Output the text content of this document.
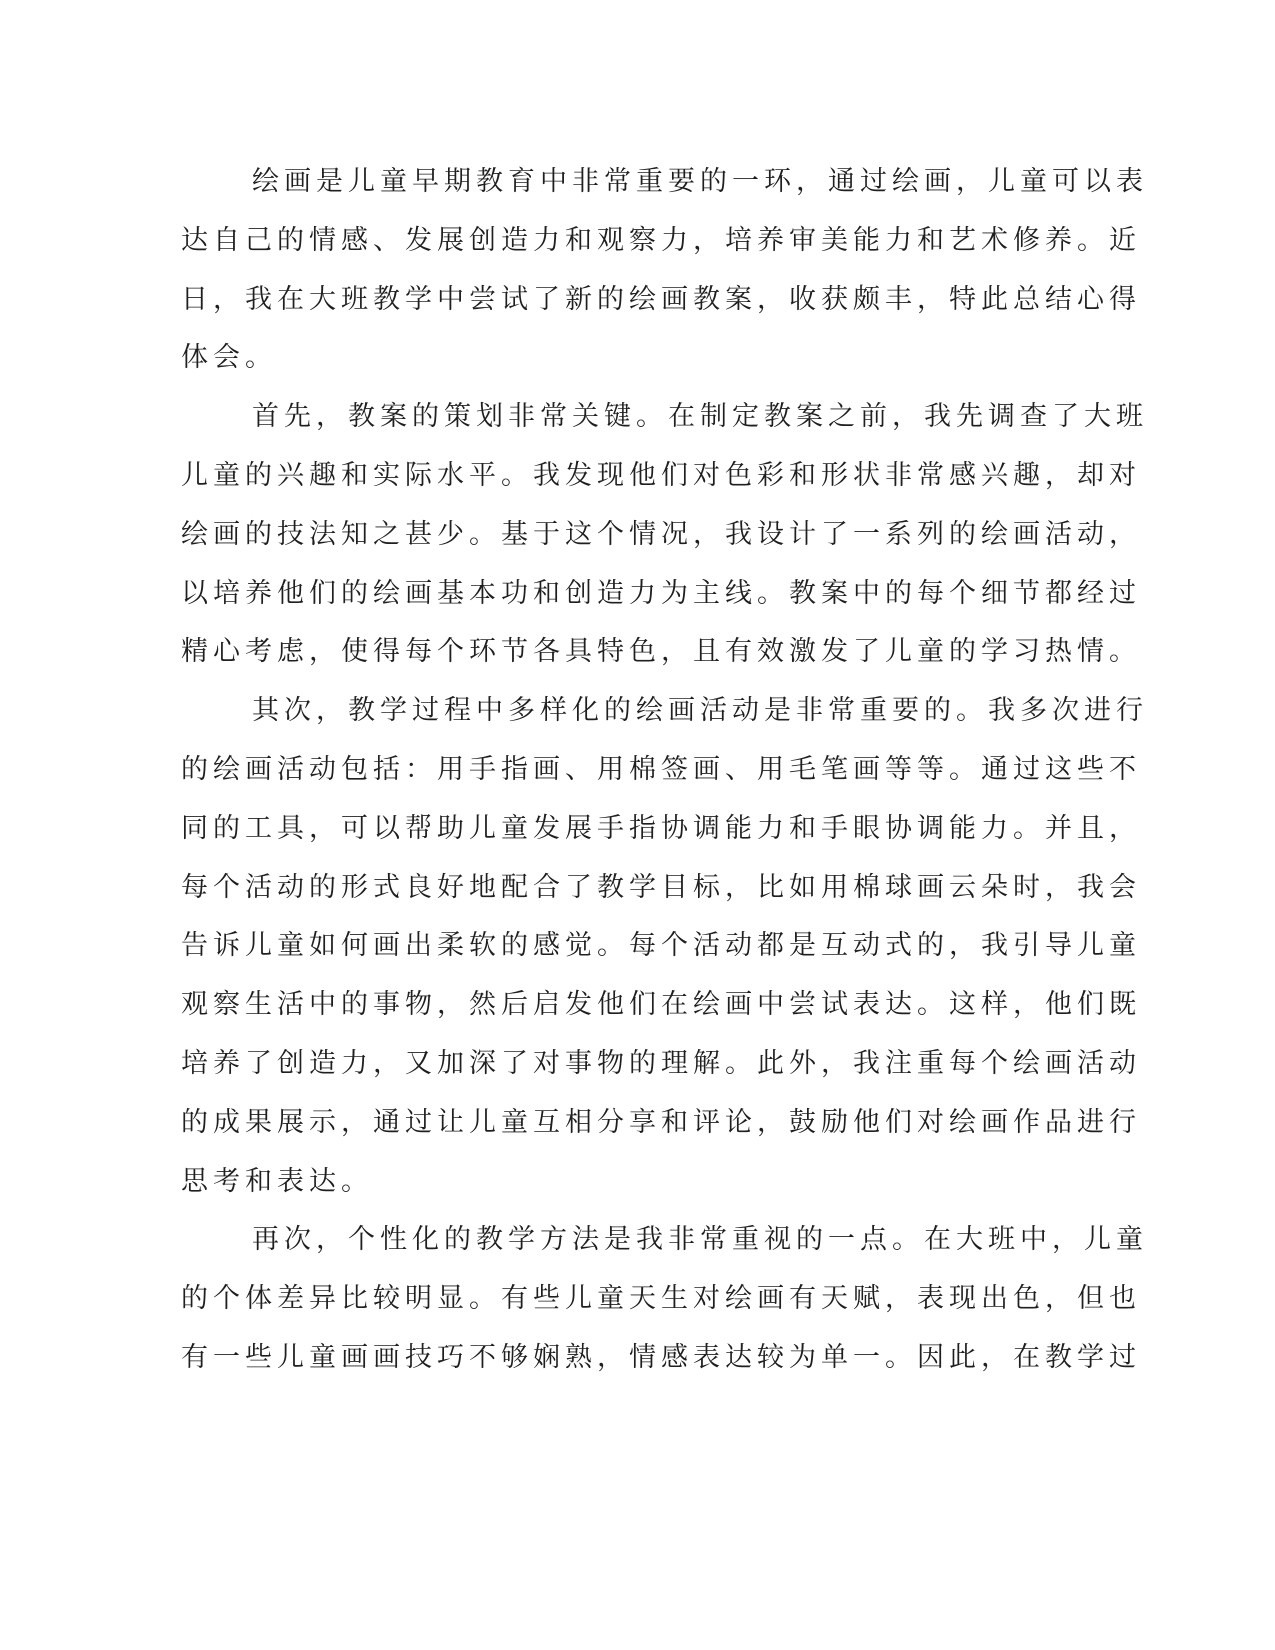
绘画是儿童早期教育中非常重要的一环，通过绘画，儿童可以表
达自己的情感、发展创造力和观察力，培养审美能力和艺术修养。近
日，我在大班教学中尝试了新的绘画教案，收获颇丰，特此总结心得
体会。
首先，教案的策划非常关键。在制定教案之前，我先调查了大班
儿童的兴趣和实际水平。我发现他们对色彩和形状非常感兴趣，却对
绘画的技法知之甚少。基于这个情况，我设计了一系列的绘画活动，
以培养他们的绘画基本功和创造力为主线。教案中的每个细节都经过
精心考虑，使得每个环节各具特色，且有效激发了儿童的学习热情。
其次，教学过程中多样化的绘画活动是非常重要的。我多次进行
的绘画活动包括：用手指画、用棉签画、用毛笔画等等。通过这些不
同的工具，可以帮助儿童发展手指协调能力和手眼协调能力。并且，
每个活动的形式良好地配合了教学目标，比如用棉球画云朵时，我会
告诉儿童如何画出柔软的感觉。每个活动都是互动式的，我引导儿童
观察生活中的事物，然后启发他们在绘画中尝试表达。这样，他们既
培养了创造力，又加深了对事物的理解。此外，我注重每个绘画活动
的成果展示，通过让儿童互相分享和评论，鼓励他们对绘画作品进行
思考和表达。
再次，个性化的教学方法是我非常重视的一点。在大班中，儿童
的个体差异比较明显。有些儿童天生对绘画有天赋，表现出色，但也
有一些儿童画画技巧不够娴熟，情感表达较为单一。因此，在教学过
